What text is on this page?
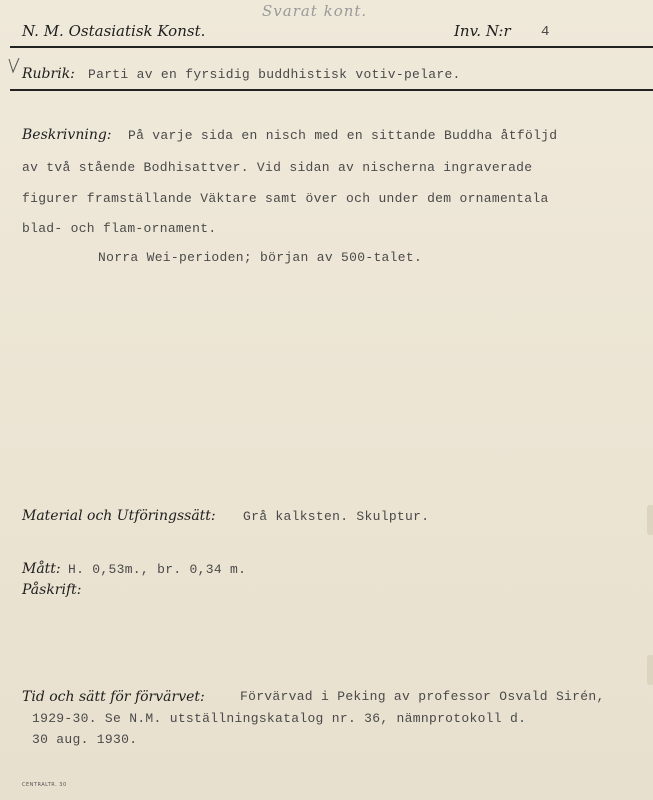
N. M. Ostasiatisk Konst.
Svarat kont.
Inv. N:r 4
Rubrik: Parti av en fyrsidig buddhistisk votiv-pelare.
Beskrivning: På varje sida en nisch med en sittande Buddha åtföljd
av två stående Bodhisattver. Vid sidan av nischerna ingraverade
figurer framställande Väktare samt över och under dem ornamentala
blad- och flam-ornament.
Norra Wei-perioden; början av 500-talet.
Material och Utföringssätt: Grå kalksten. Skulptur.
Mått: H. 0,53m., br. 0,34 m.
Påskrift:
Tid och sätt för förvärvet:	Förvärvad i Peking av professor Osvald Sirén,
1929-30. Se N.M. utställningskatalog nr. 36, nämnprotokoll d.
30 aug. 1930.
CENTRALTR. 30
